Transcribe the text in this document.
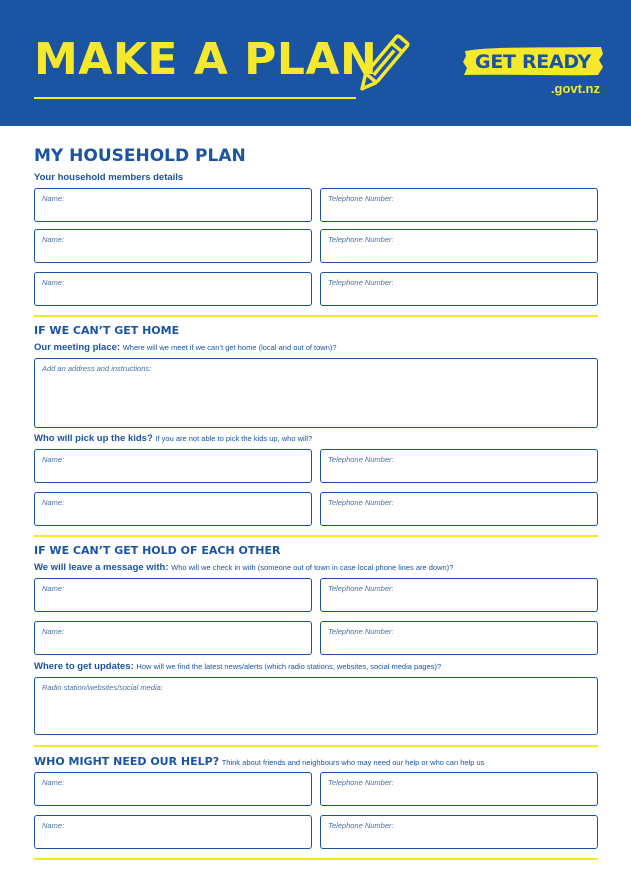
MAKE A PLAN	GET READY
.govt.nz
MY HOUSEHOLD PLAN
Your household members details
Name:	Telephone Number:
Name:	Telephone Number:
Name:	Telephone Number:
IF WE CAN’T GET HOME
Our meeting place: Where will we meet if we can’t get home (local and out of town)?
Add an address and instructions:
Who will pick up the kids? If you are not able to pick the kids up, who will?
Name:	Telephone Number:
Name:	Telephone Number:
IF WE CAN’T GET HOLD OF EACH OTHER
We will leave a message with: Who will we check in with (someone out of town in case local phone lines are down)?
Name:	Telephone Number:
Name:	Telephone Number:
Where to get updates: How will we find the latest news/alerts (which radio stations, websites, social media pages)?
Radio station/websites/social media:
WHO MIGHT NEED OUR HELP? Think about friends and neighbours who may need our help or who can help us
Name:	Telephone Number:
Name:	Telephone Number:
